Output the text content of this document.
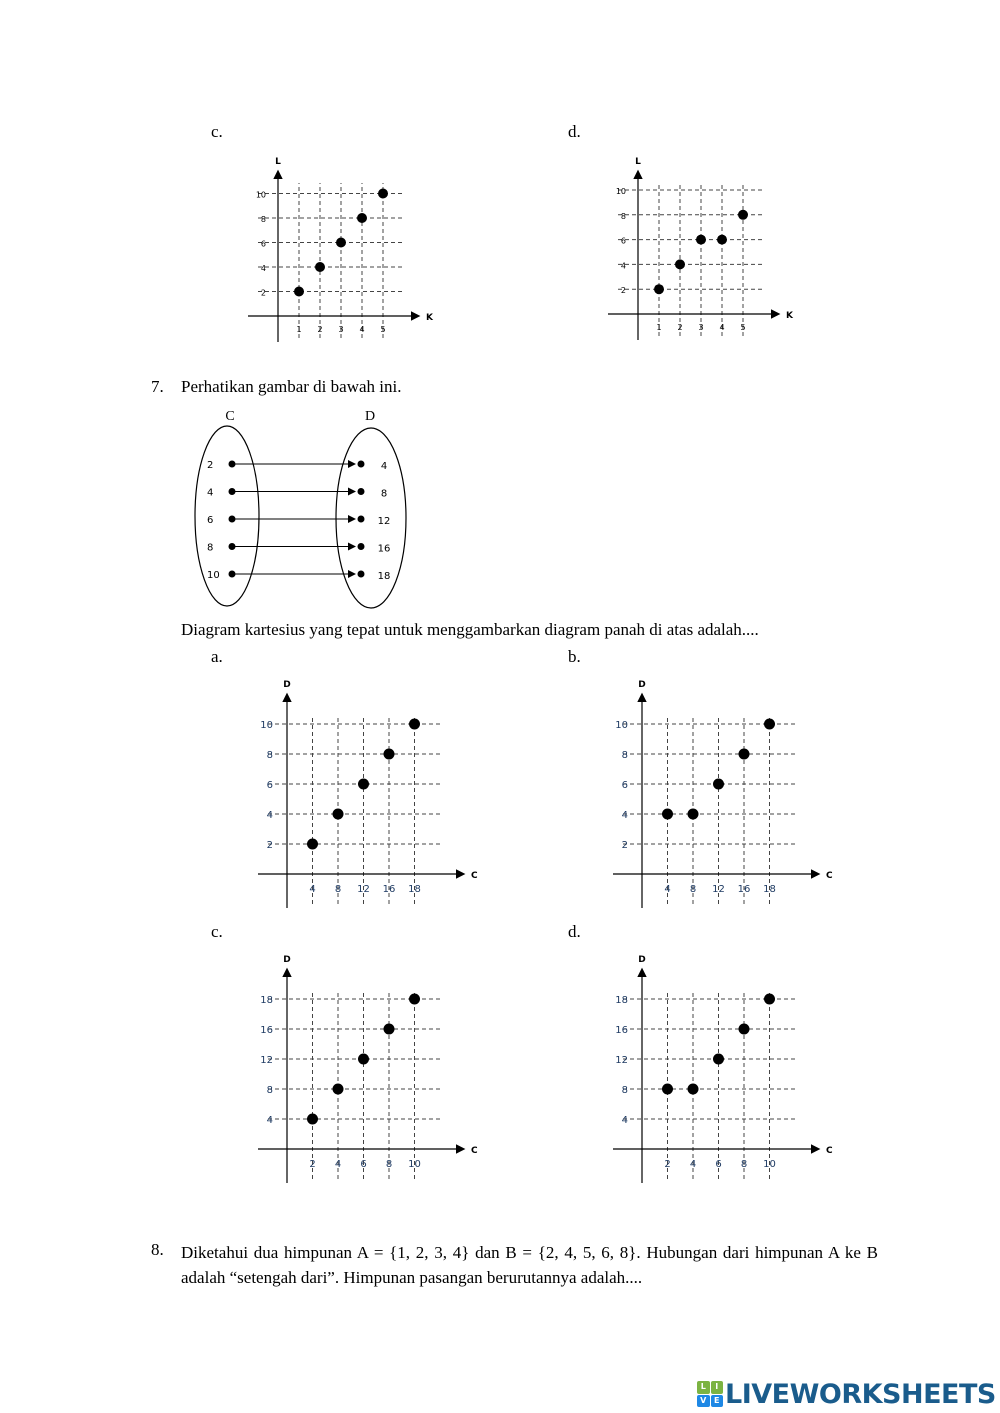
c.	d.
L
K
1 2 3 4 5
2
4
6
8
10
L
K
1 2 3 4 5
2
4
6
8
10
7. Perhatikan gambar di bawah ini.
C	D
2	4
4	8
6	12
8	16
10	18
Diagram kartesius yang tepat untuk menggambarkan diagram panah di atas adalah....
a.	b.
D
C
4 8 12 16 18
2
4
6
8
10
D
C
4 8 12 16 18
2
4
6
8
10
c.	d.
D
C
2 4 6 8 10
4
8
12
16
18
D
C
2 4 6 8 10
4
8
12
16
18
8. Diketahui dua himpunan A = {1, 2, 3, 4} dan B = {2, 4, 5, 6, 8}. Hubungan dari himpunan A ke B adalah “setengah dari”. Himpunan pasangan berurutannya adalah....
L	I
V E LIVEWORKSHEETS
